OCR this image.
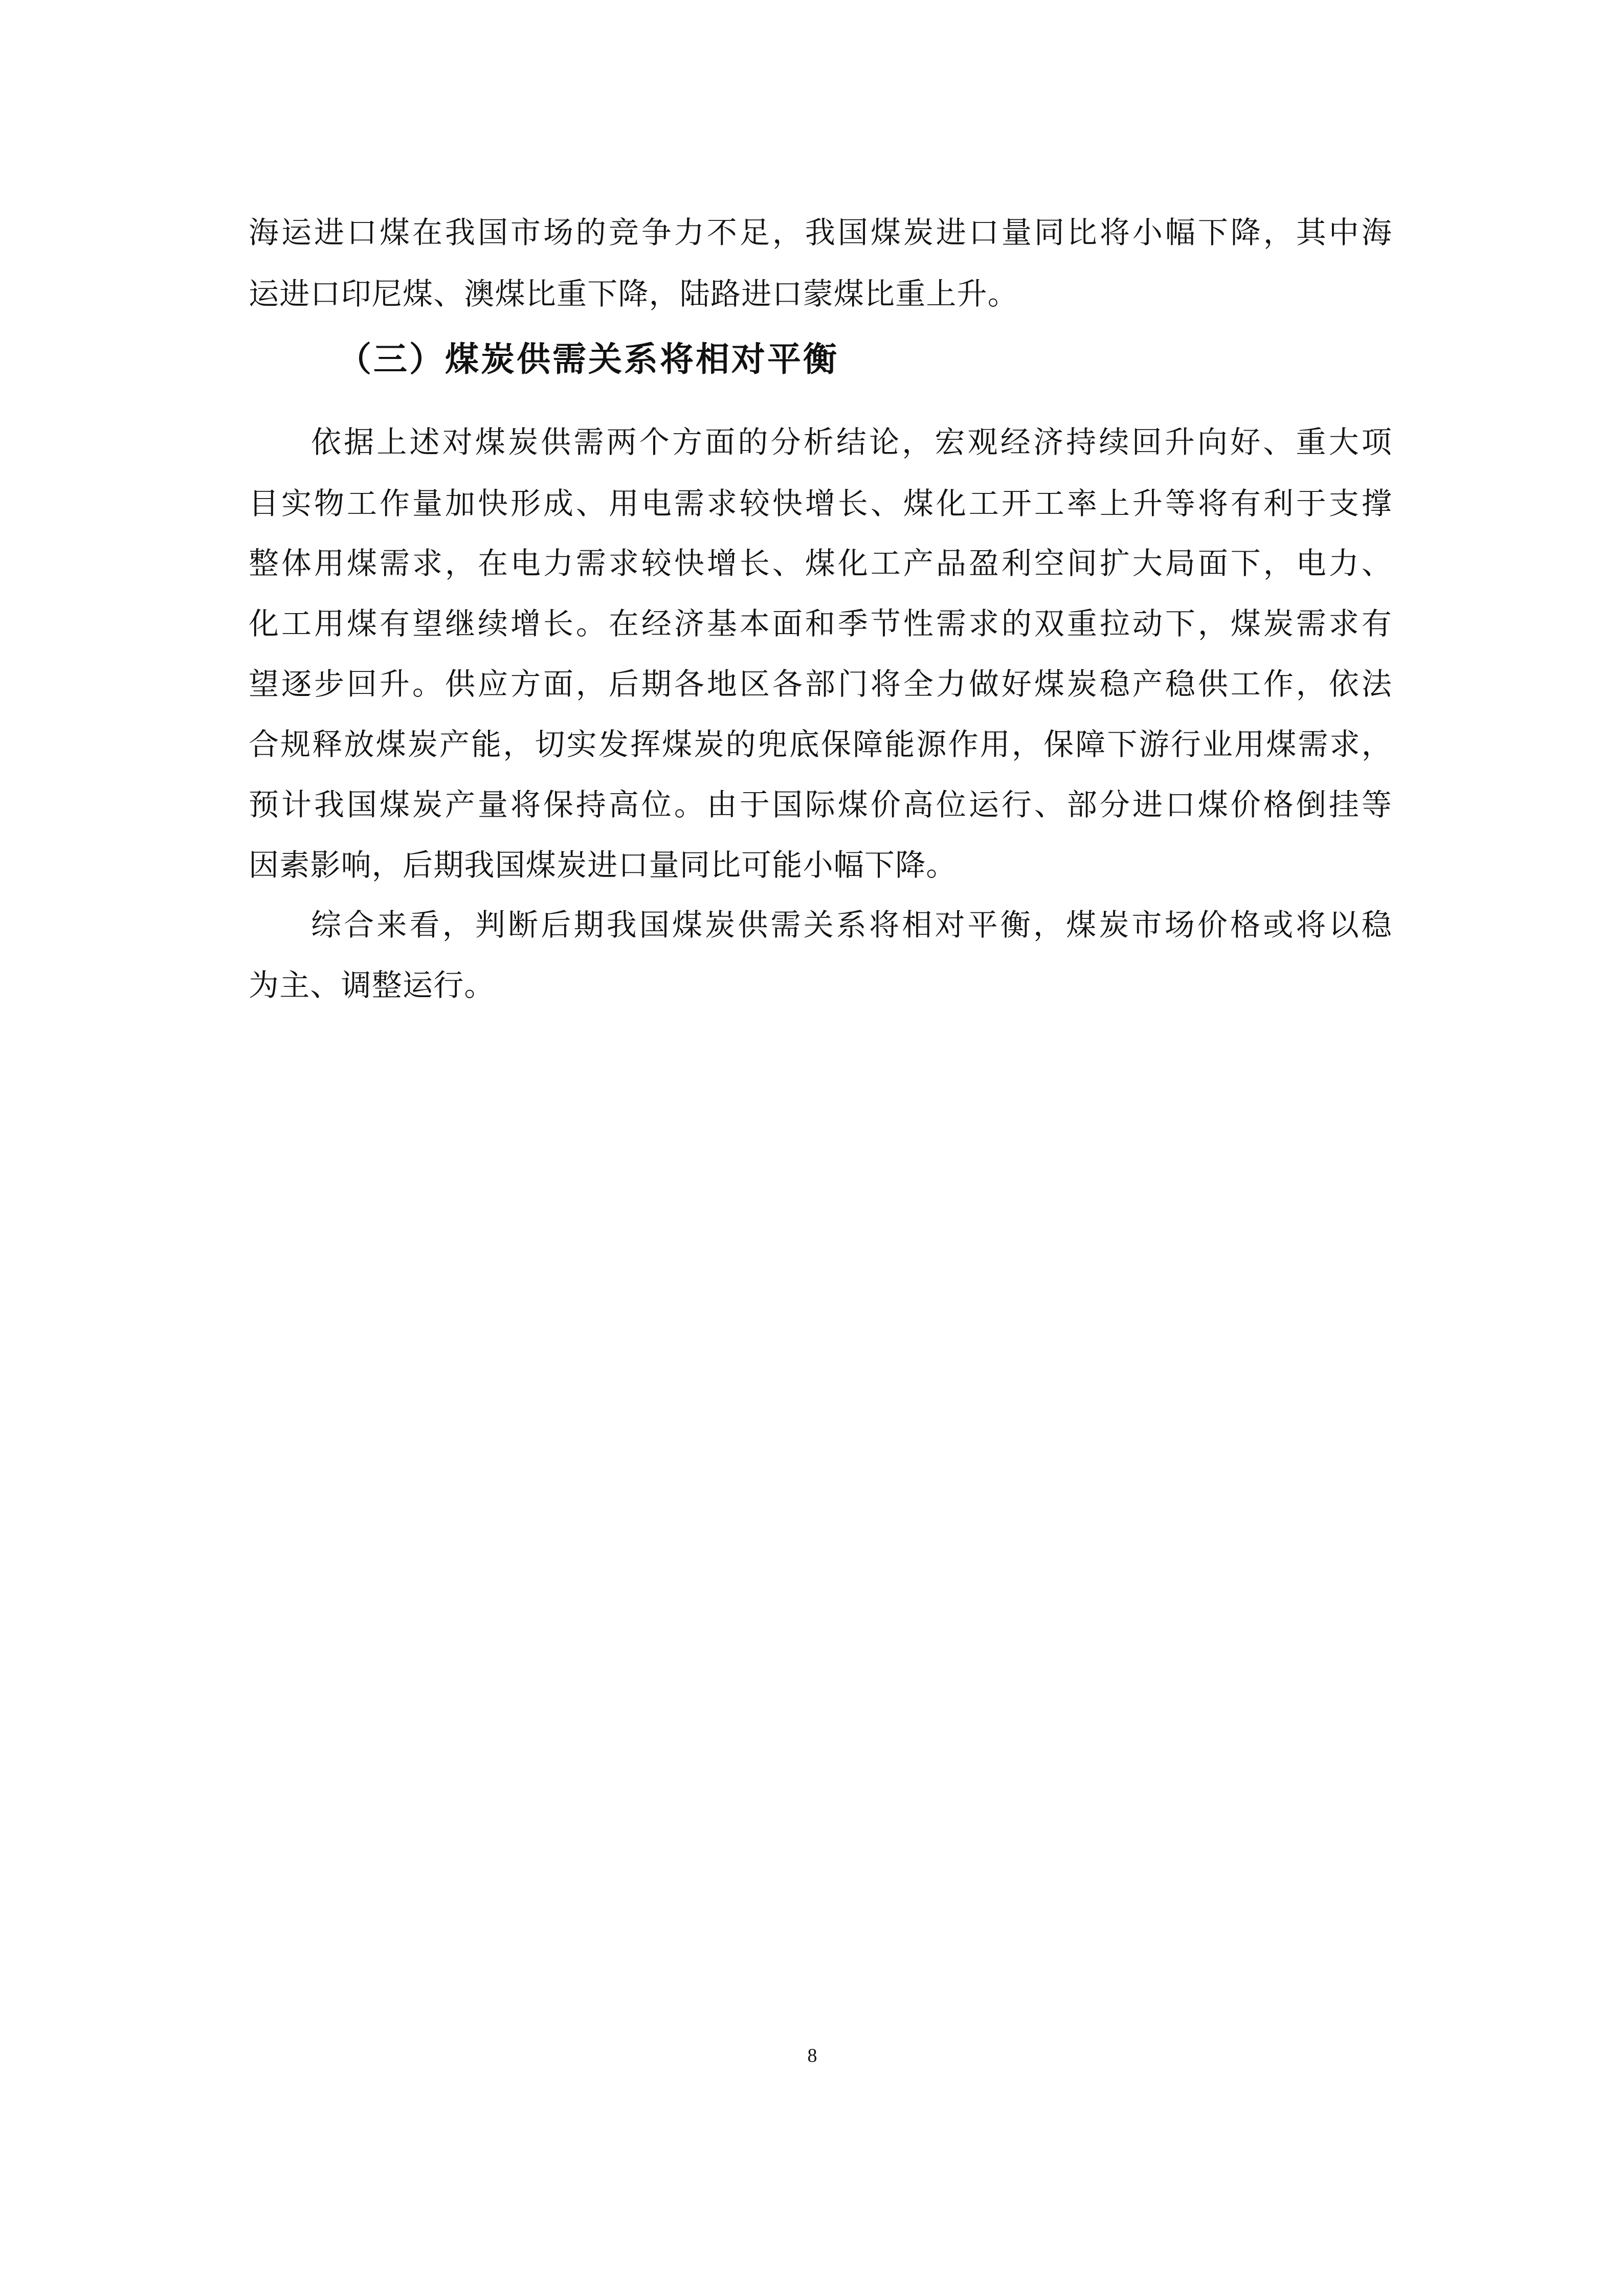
海运进口煤在我国市场的竞争力不足，我国煤炭进口量同比将小幅下降，其中海
运进口印尼煤、澳煤比重下降，陆路进口蒙煤比重上升。
（三）煤炭供需关系将相对平衡
依据上述对煤炭供需两个方面的分析结论，宏观经济持续回升向好、重大项
目实物工作量加快形成、用电需求较快增长、煤化工开工率上升等将有利于支撑
整体用煤需求，在电力需求较快增长、煤化工产品盈利空间扩大局面下，电力、
化工用煤有望继续增长。在经济基本面和季节性需求的双重拉动下，煤炭需求有
望逐步回升。供应方面，后期各地区各部门将全力做好煤炭稳产稳供工作，依法
合规释放煤炭产能，切实发挥煤炭的兜底保障能源作用，保障下游行业用煤需求，
预计我国煤炭产量将保持高位。由于国际煤价高位运行、部分进口煤价格倒挂等
因素影响，后期我国煤炭进口量同比可能小幅下降。
综合来看，判断后期我国煤炭供需关系将相对平衡，煤炭市场价格或将以稳
为主、调整运行。
8
